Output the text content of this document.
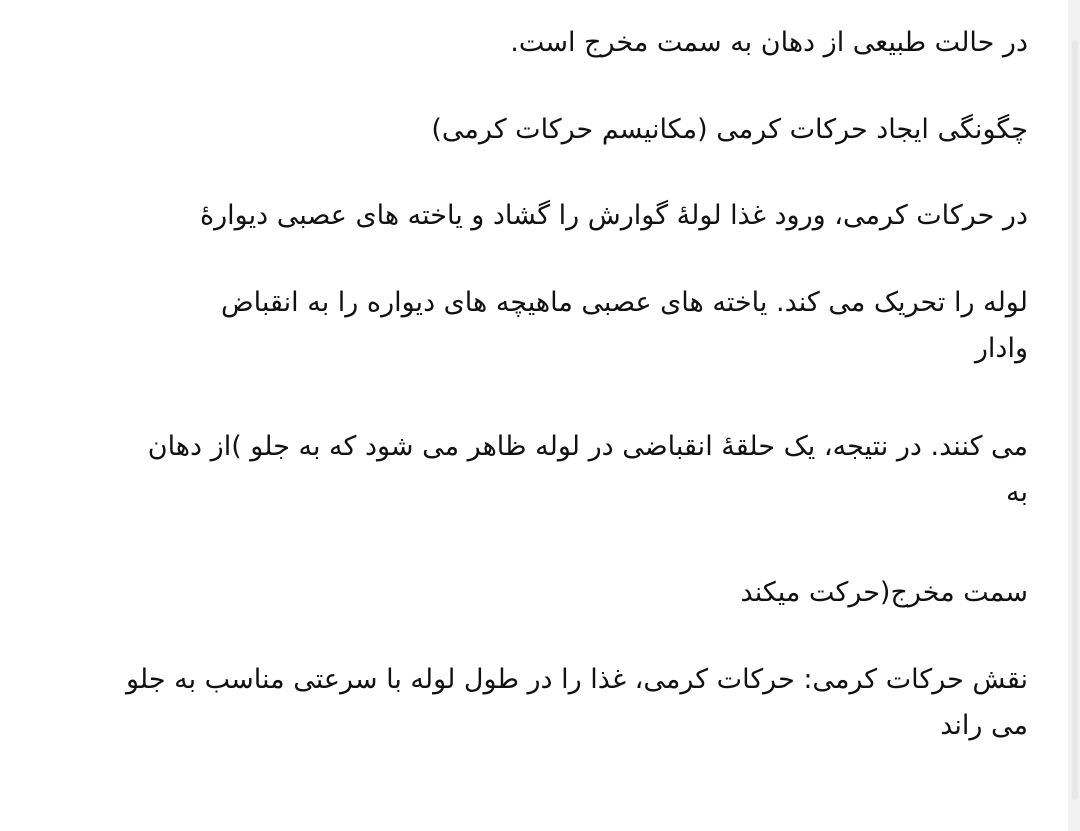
در حالت طبیعی از دهان به سمت مخرج است.
چگونگی ایجاد حرکات کرمی (مکانیسم حرکات کرمی)
در حرکات کرمی، ورود غذا لولهٔ گوارش را گشاد و یاخته های عصبی دیوارهٔ
لوله را تحریک می کند. یاخته های عصبی ماهیچه های دیواره را به انقباض
وادار
می کنند. در نتیجه، یک حلقهٔ انقباضی در لوله ظاهر می شود که به جلو )از دهان
به
سمت مخرج(حرکت میکند
نقش حرکات کرمی: حرکات کرمی، غذا را در طول لوله با سرعتی مناسب به جلو
می راند
